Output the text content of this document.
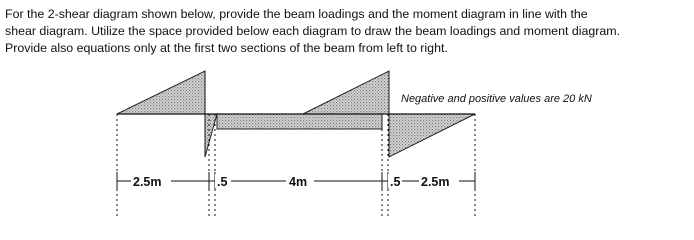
For the 2-shear diagram shown below, provide the beam loadings and the moment diagram in line with the
shear diagram. Utilize the space provided below each diagram to draw the beam loadings and moment diagram.
Provide also equations only at the first two sections of the beam from left to right.
Negative and positive values are 20 kN
2.5m	.5	4m	.5 2.5m
